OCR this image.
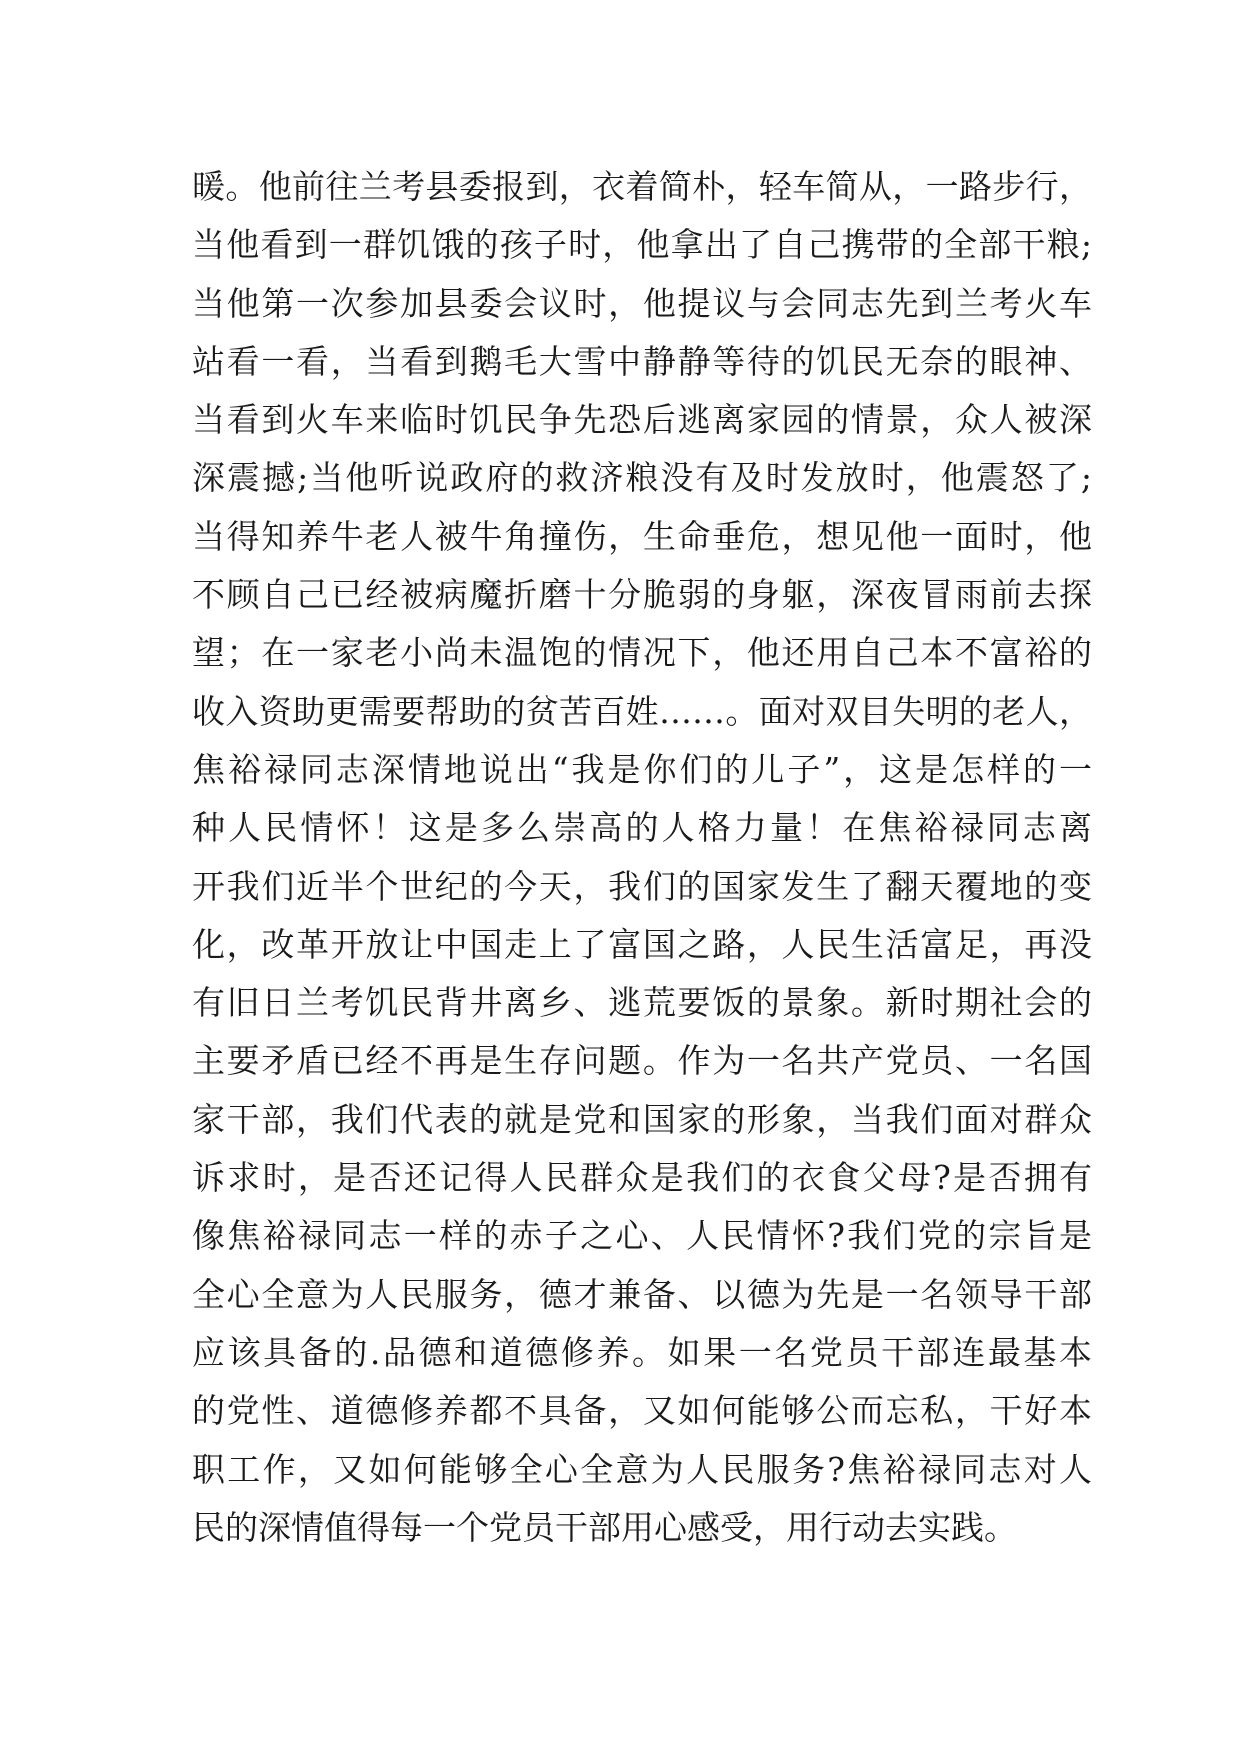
暖。他前往兰考县委报到，衣着简朴，轻车简从，一路步行，
当他看到一群饥饿的孩子时，他拿出了自己携带的全部干粮;
当他第一次参加县委会议时，他提议与会同志先到兰考火车
站看一看，当看到鹅毛大雪中静静等待的饥民无奈的眼神、
当看到火车来临时饥民争先恐后逃离家园的情景，众人被深
深震撼;当他听说政府的救济粮没有及时发放时，他震怒了;
当得知养牛老人被牛角撞伤，生命垂危，想见他一面时，他
不顾自己已经被病魔折磨十分脆弱的身躯，深夜冒雨前去探
望；在一家老小尚未温饱的情况下，他还用自己本不富裕的
收入资助更需要帮助的贫苦百姓……。面对双目失明的老人，
焦裕禄同志深情地说出“我是你们的儿子”，这是怎样的一
种人民情怀！这是多么崇高的人格力量！在焦裕禄同志离
开我们近半个世纪的今天，我们的国家发生了翻天覆地的变
化，改革开放让中国走上了富国之路，人民生活富足，再没
有旧日兰考饥民背井离乡、逃荒要饭的景象。新时期社会的
主要矛盾已经不再是生存问题。作为一名共产党员、一名国
家干部，我们代表的就是党和国家的形象，当我们面对群众
诉求时，是否还记得人民群众是我们的衣食父母?是否拥有
像焦裕禄同志一样的赤子之心、人民情怀?我们党的宗旨是
全心全意为人民服务，德才兼备、以德为先是一名领导干部
应该具备的.品德和道德修养。如果一名党员干部连最基本
的党性、道德修养都不具备，又如何能够公而忘私，干好本
职工作，又如何能够全心全意为人民服务?焦裕禄同志对人
民的深情值得每一个党员干部用心感受，用行动去实践。
